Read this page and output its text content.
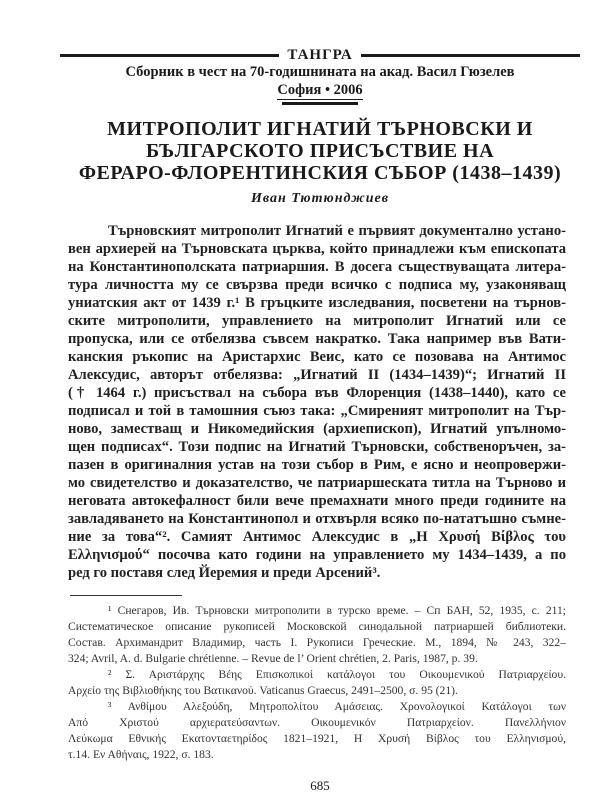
ТАНГРА
Сборник в чест на 70-годишнината на акад. Васил Гюзелев
София • 2006
МИТРОПОЛИТ ИГНАТИЙ ТЪРНОВСКИ И
БЪЛГАРСКОТО ПРИСЪСТВИЕ НА
ФЕРАРО-ФЛОРЕНТИНСКИЯ СЪБОР (1438–1439)
Иван Тютюнджиев
Търновският митрополит Игнатий е първият документално устано-
вен архиерей на Търновската църква, който принадлежи към епископата
на Константинополската патриаршия. В досега съществуващата литера-
тура личността му се свързва преди всичко с подписа му, узаконяващ
униатския акт от 1439 г.¹ В гръцките изследвания, посветени на търнов-
ските митрополити, управлението на митрополит Игнатий или се
пропуска, или се отбелязва съвсем накратко. Така например във Вати-
канския ръкопис на Аристархис Веис, като се позовава на Антимос
Алексудис, авторът отбелязва: „Игнатий II (1434–1439)“; Игнатий II
(† 1464 г.) присъствал на събора във Флоренция (1438–1440), като се
подписал и той в тамошния съюз така: „Смиреният митрополит на Тър-
ново, заместващ и Никомедийския (архиепископ), Игнатий упълномо-
щен подписах“. Този подпис на Игнатий Търновски, собственоръчен, за-
пазен в оригиналния устав на този събор в Рим, е ясно и неопровержи-
мо свидетелство и доказателство, че патриаршеската титла на Търново и
неговата автокефалност били вече премахнати много преди годините на
завладяването на Константинопол и отхвърля всяко по-нататъшно съмне-
ние за това“². Самият Антимос Алексудис в „Η Χρυσή Βίβλος του
Ελληνισμού“ посочва като години на управлението му 1434–1439, а по
ред го поставя след Йеремия и преди Арсений³.
¹ Снегаров, Ив. Търновски митрополити в турско време. – Сп БАН, 52, 1935, с. 211;
Систематическое описание рукописей Московской синодальной патриаршей библиотеки.
Состав. Архимандрит Владимир, часть I. Рукописи Греческие. М., 1894, № 243, 322–
324; Avril, A. d. Bulgarie chrétienne. – Revue de l’ Orient chrétien, 2. Paris, 1987, p. 39.
² Σ. Αριστάρχης Βέης Επισκοπικοί κατάλογοι του Οικουμενικού Πατριαρχείου.
Αρχείο της Βιβλιοθήκης του Βατικανού. Vaticanus Graecus, 2491–2500, σ. 95 (21).
³ Ανθίμου Αλεξούδη, Μητροπολίτου Αμάσειας. Χρονολογικοί Κατάλογοι των
Από Χριστού αρχιερατεύσαντων. Οικουμενικόν Πατριαρχείον. Πανελλήνιον
Λεύκωμα Εθνικής Εκατονταετηρίδος 1821–1921, Η Χρυσή Βίβλος του Ελληνισμού,
τ.14. Εν Αθήναις, 1922, σ. 183.
685
